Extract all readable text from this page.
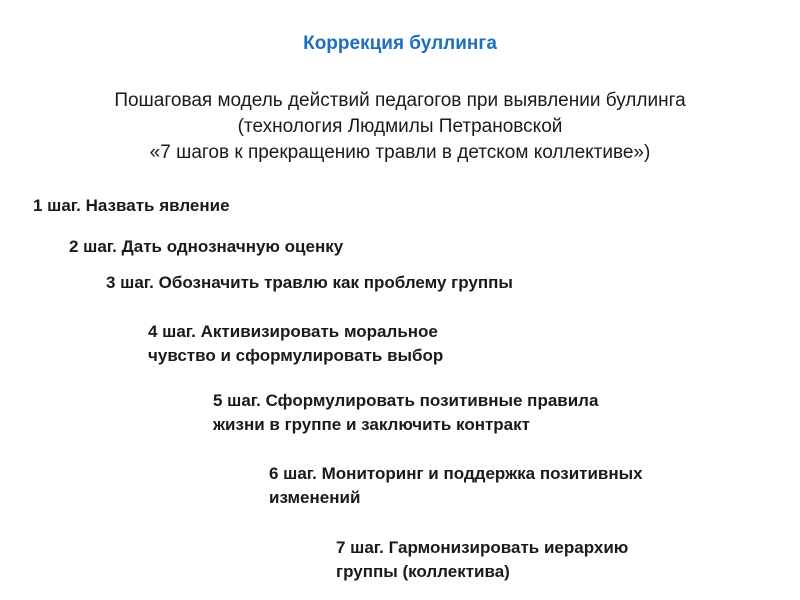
Коррекция буллинга
Пошаговая модель действий педагогов при выявлении буллинга
(технология Людмилы Петрановской
«7 шагов к прекращению травли в детском коллективе»)
1 шаг. Назвать явление
2 шаг. Дать однозначную оценку
3 шаг. Обозначить травлю как проблему группы
4 шаг. Активизировать моральное
чувство и сформулировать выбор
5 шаг. Сформулировать позитивные правила
жизни в группе и заключить контракт
6 шаг. Мониторинг и поддержка позитивных
изменений
7 шаг. Гармонизировать иерархию
группы (коллектива)
